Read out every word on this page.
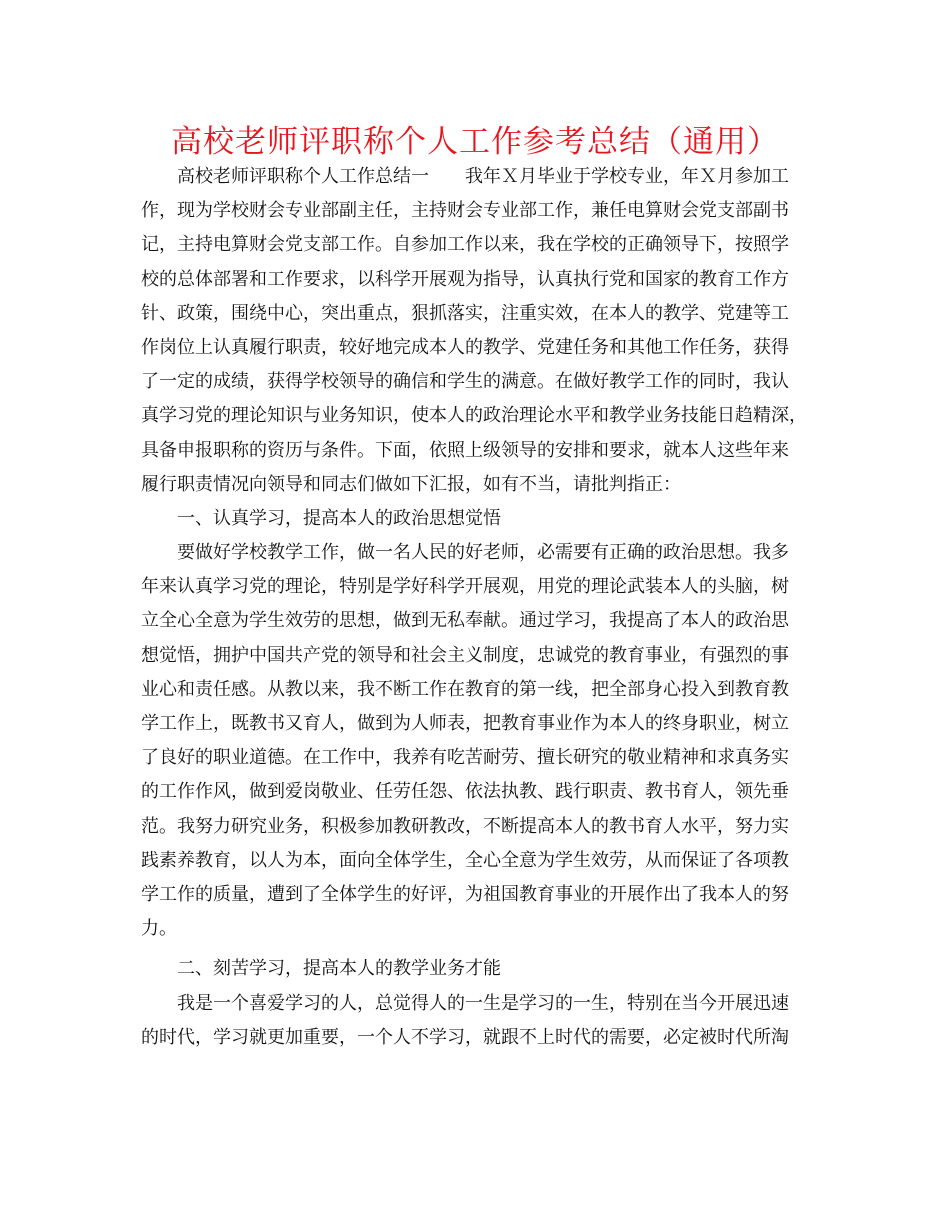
高校老师评职称个人工作参考总结（通用）
高校老师评职称个人工作总结一　　我年Ｘ月毕业于学校专业，年Ｘ月参加工
作，现为学校财会专业部副主任，主持财会专业部工作，兼任电算财会党支部副书
记，主持电算财会党支部工作。自参加工作以来，我在学校的正确领导下，按照学
校的总体部署和工作要求，以科学开展观为指导，认真执行党和国家的教育工作方
针、政策，围绕中心，突出重点，狠抓落实，注重实效，在本人的教学、党建等工
作岗位上认真履行职责，较好地完成本人的教学、党建任务和其他工作任务，获得
了一定的成绩，获得学校领导的确信和学生的满意。在做好教学工作的同时，我认
真学习党的理论知识与业务知识，使本人的政治理论水平和教学业务技能日趋精深，
具备申报职称的资历与条件。下面，依照上级领导的安排和要求，就本人这些年来
履行职责情况向领导和同志们做如下汇报，如有不当，请批判指正：
一、认真学习，提高本人的政治思想觉悟
要做好学校教学工作，做一名人民的好老师，必需要有正确的政治思想。我多
年来认真学习党的理论，特别是学好科学开展观，用党的理论武装本人的头脑，树
立全心全意为学生效劳的思想，做到无私奉献。通过学习，我提高了本人的政治思
想觉悟，拥护中国共产党的领导和社会主义制度，忠诚党的教育事业，有强烈的事
业心和责任感。从教以来，我不断工作在教育的第一线，把全部身心投入到教育教
学工作上，既教书又育人，做到为人师表，把教育事业作为本人的终身职业，树立
了良好的职业道德。在工作中，我养有吃苦耐劳、擅长研究的敬业精神和求真务实
的工作作风，做到爱岗敬业、任劳任怨、依法执教、践行职责、教书育人，领先垂
范。我努力研究业务，积极参加教研教改，不断提高本人的教书育人水平，努力实
践素养教育，以人为本，面向全体学生，全心全意为学生效劳，从而保证了各项教
学工作的质量，遭到了全体学生的好评，为祖国教育事业的开展作出了我本人的努
力。
二、刻苦学习，提高本人的教学业务才能
我是一个喜爱学习的人，总觉得人的一生是学习的一生，特别在当今开展迅速
的时代，学习就更加重要，一个人不学习，就跟不上时代的需要，必定被时代所淘
